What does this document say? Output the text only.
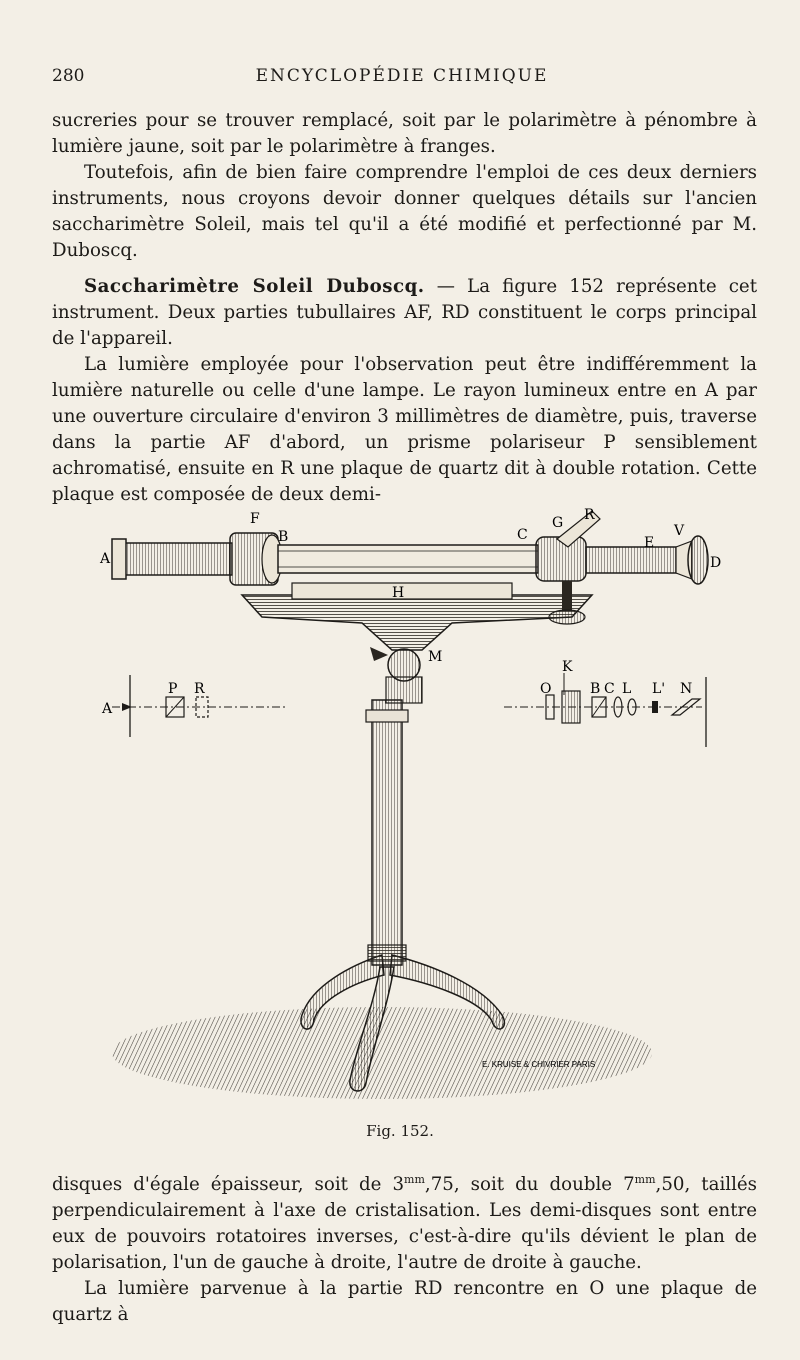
280	ENCYCLOPÉDIE CHIMIQUE

sucreries pour se trouver remplacé, soit par le polarimètre à pénombre à lumière jaune, soit par le polarimètre à franges.

Toutefois, afin de bien faire comprendre l'emploi de ces deux derniers instruments, nous croyons devoir donner quelques détails sur l'ancien saccharimètre Soleil, mais tel qu'il a été modifié et perfectionné par M. Duboscq.

Saccharimètre Soleil Duboscq. — La figure 152 représente cet instrument. Deux parties tubullaires AF, RD constituent le corps principal de l'appareil.

La lumière employée pour l'observation peut être indifféremment la lumière naturelle ou celle d'une lampe. Le rayon lumineux entre en A par une ouverture circulaire d'environ 3 millimètres de diamètre, puis, traverse dans la partie AF d'abord, un prisme polariseur P sensiblement achromatisé, ensuite en R une plaque de quartz dit à double rotation. Cette plaque est composée de deux demi-

A
F
B	C
G R
E
V
D
H
M
A
P R	O
K
B C L L' N
E. KRUISE & CHIVRIER PARIS
Fig. 152.

disques d'égale épaisseur, soit de $3^{mm},75$, soit du double $7^{mm},50$, taillés perpendiculairement à l'axe de cristalisation. Les demi-disques sont entre eux de pouvoirs rotatoires inverses, c'est-à-dire qu'ils dévient le plan de polarisation, l'un de gauche à droite, l'autre de droite à gauche.

La lumière parvenue à la partie RD rencontre en O une plaque de quartz à
